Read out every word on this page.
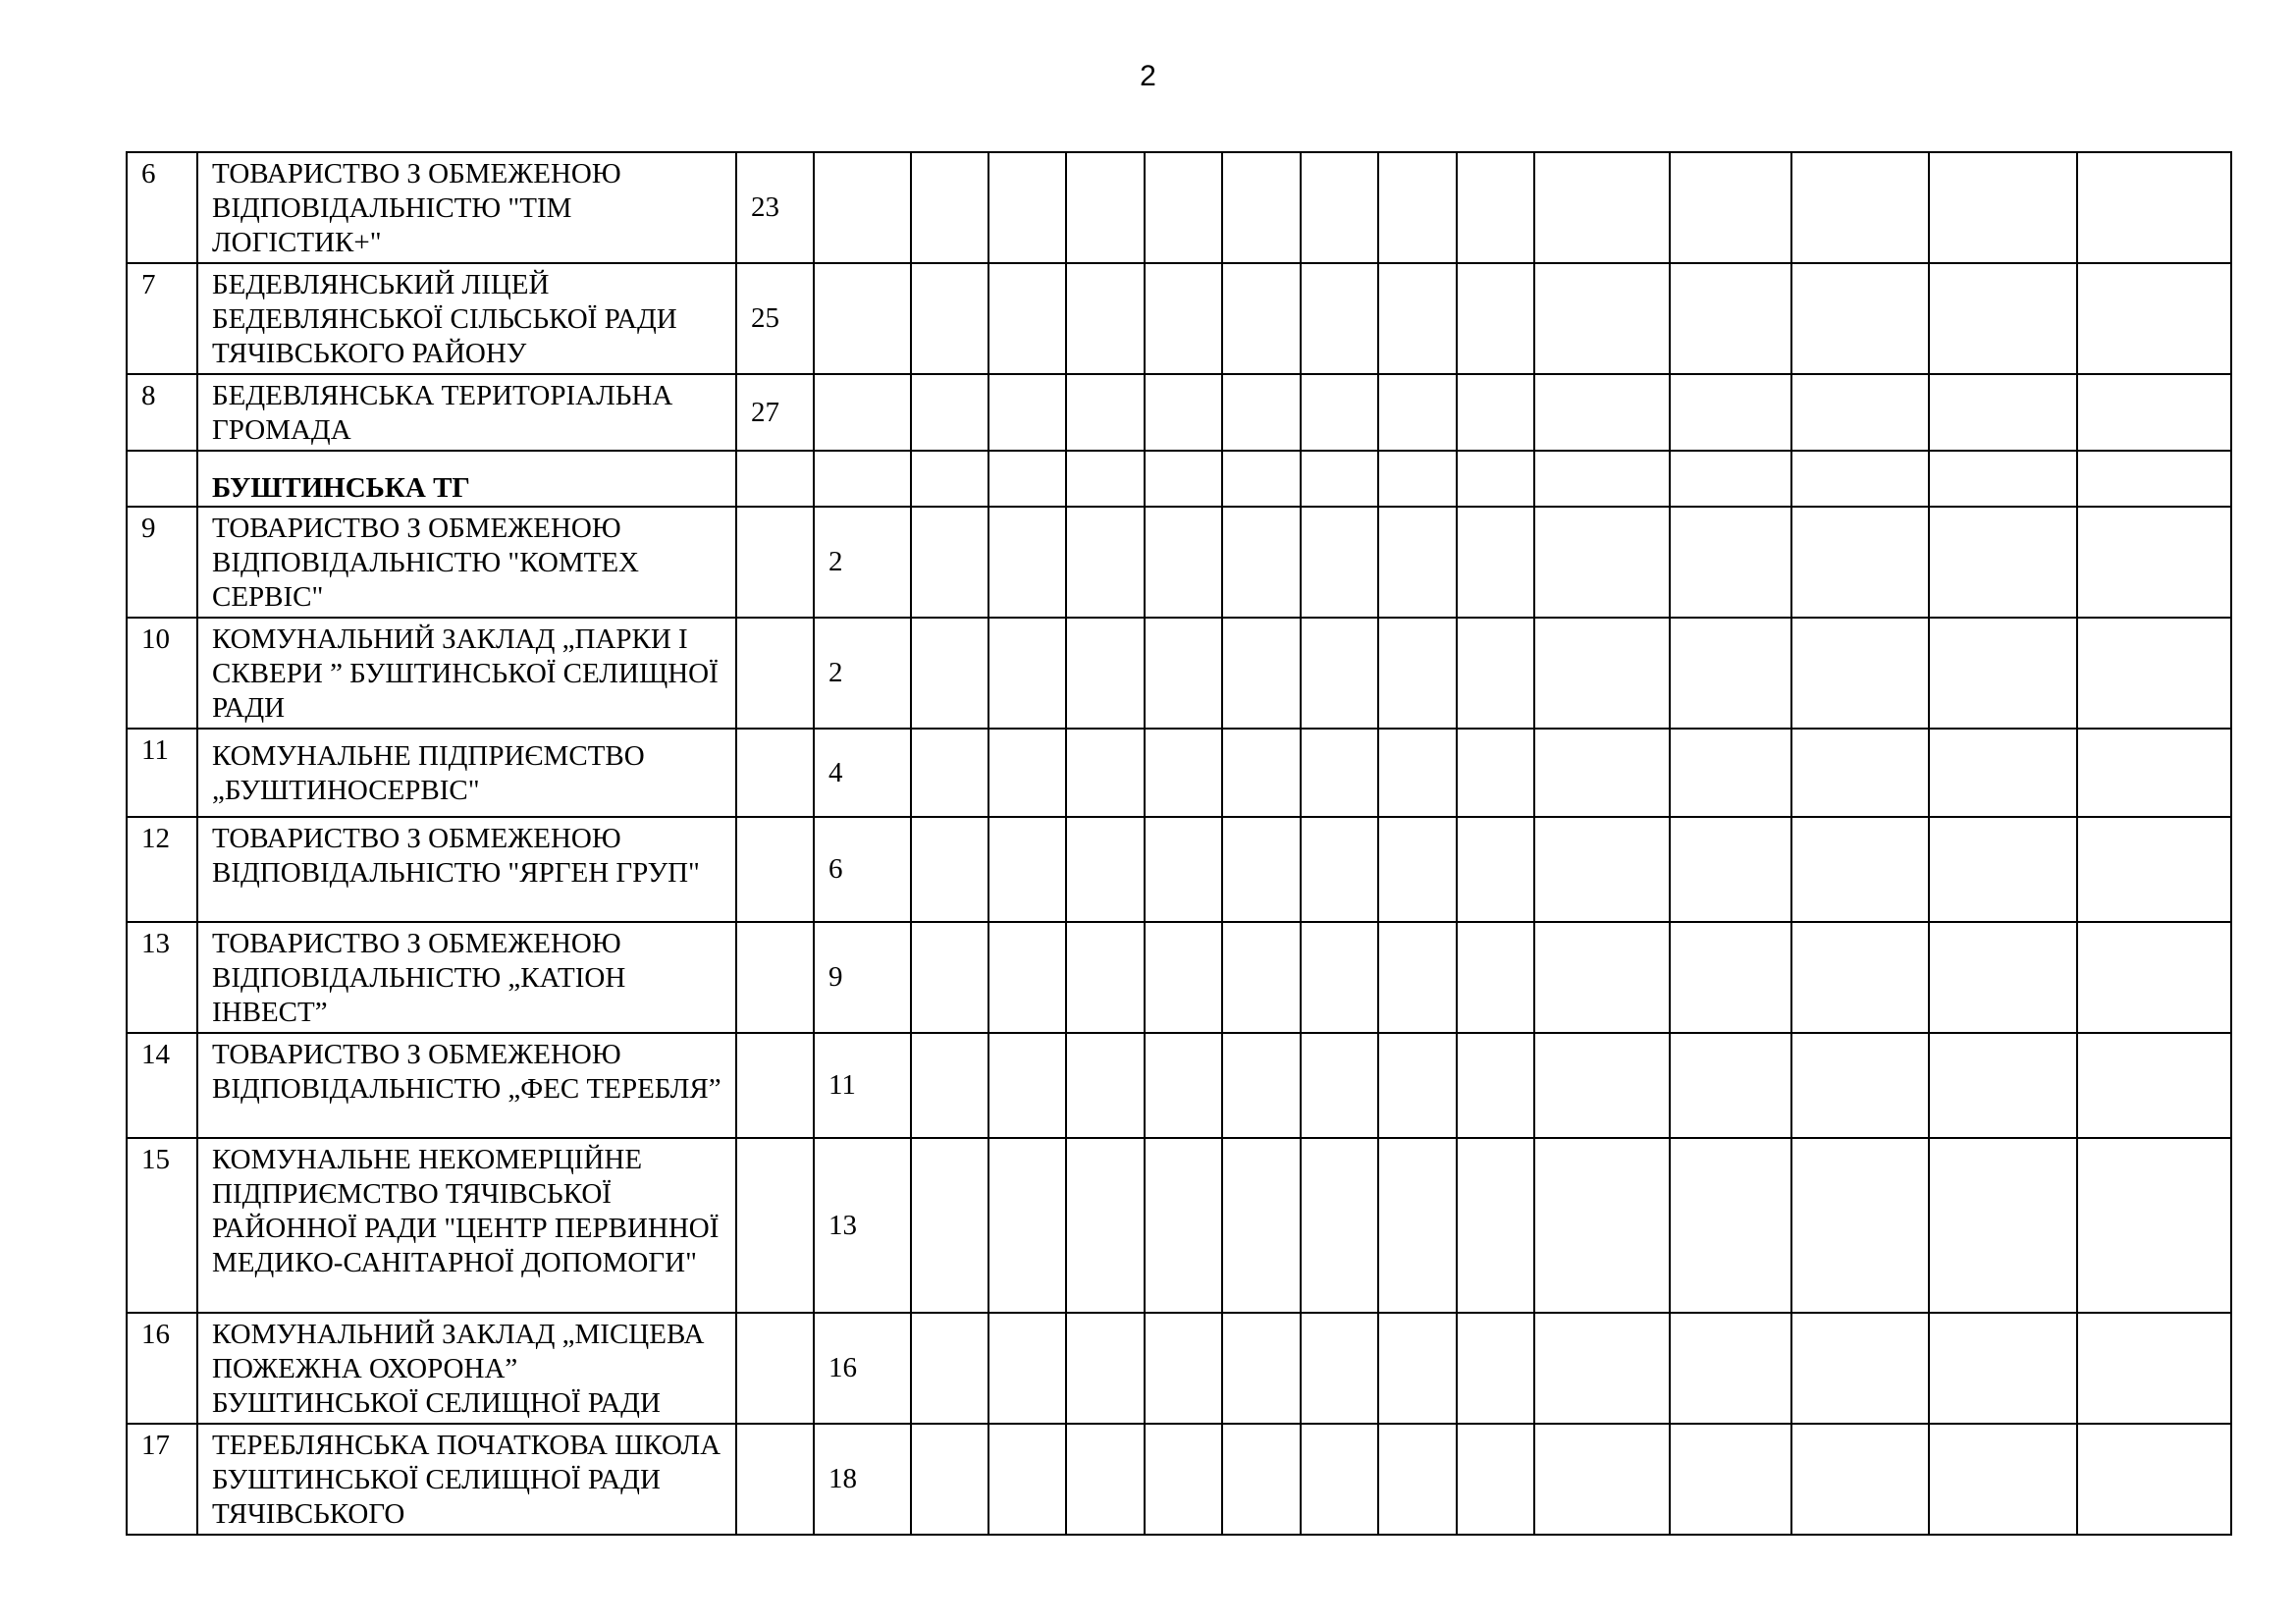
2
6	ТОВАРИСТВО З ОБМЕЖЕНОЮ ВІДПОВІДАЛЬНІСТЮ "ТІМ ЛОГІСТИК+"	23														
7	БЕДЕВЛЯНСЬКИЙ ЛІЦЕЙ БЕДЕВЛЯНСЬКОЇ СІЛЬСЬКОЇ РАДИ ТЯЧІВСЬКОГО РАЙОНУ	25														
8	БЕДЕВЛЯНСЬКА ТЕРИТОРІАЛЬНА ГРОМАДА	27														
	БУШТИНСЬКА ТГ															
9	ТОВАРИСТВО З ОБМЕЖЕНОЮ ВІДПОВІДАЛЬНІСТЮ "КОМТЕХ СЕРВІС"		2													
10	КОМУНАЛЬНИЙ ЗАКЛАД „ПАРКИ І СКВЕРИ ” БУШТИНСЬКОЇ СЕЛИЩНОЇ РАДИ		2													
11	КОМУНАЛЬНЕ ПІДПРИЄМСТВО „БУШТИНОСЕРВІС"		4													
12	ТОВАРИСТВО З ОБМЕЖЕНОЮ ВІДПОВІДАЛЬНІСТЮ "ЯРГЕН ГРУП"		6													
13	ТОВАРИСТВО З ОБМЕЖЕНОЮ ВІДПОВІДАЛЬНІСТЮ „КАТІОН ІНВЕСТ”		9													
14	ТОВАРИСТВО З ОБМЕЖЕНОЮ ВІДПОВІДАЛЬНІСТЮ „ФЕС ТЕРЕБЛЯ”		11													
15	КОМУНАЛЬНЕ НЕКОМЕРЦІЙНЕ ПІДПРИЄМСТВО ТЯЧІВСЬКОЇ РАЙОННОЇ РАДИ "ЦЕНТР ПЕРВИННОЇ МЕДИКО-САНІТАРНОЇ ДОПОМОГИ"		13													
16	КОМУНАЛЬНИЙ ЗАКЛАД „МІСЦЕВА ПОЖЕЖНА ОХОРОНА” БУШТИНСЬКОЇ СЕЛИЩНОЇ РАДИ		16													
17	ТЕРЕБЛЯНСЬКА ПОЧАТКОВА ШКОЛА БУШТИНСЬКОЇ СЕЛИЩНОЇ РАДИ ТЯЧІВСЬКОГО		18													
